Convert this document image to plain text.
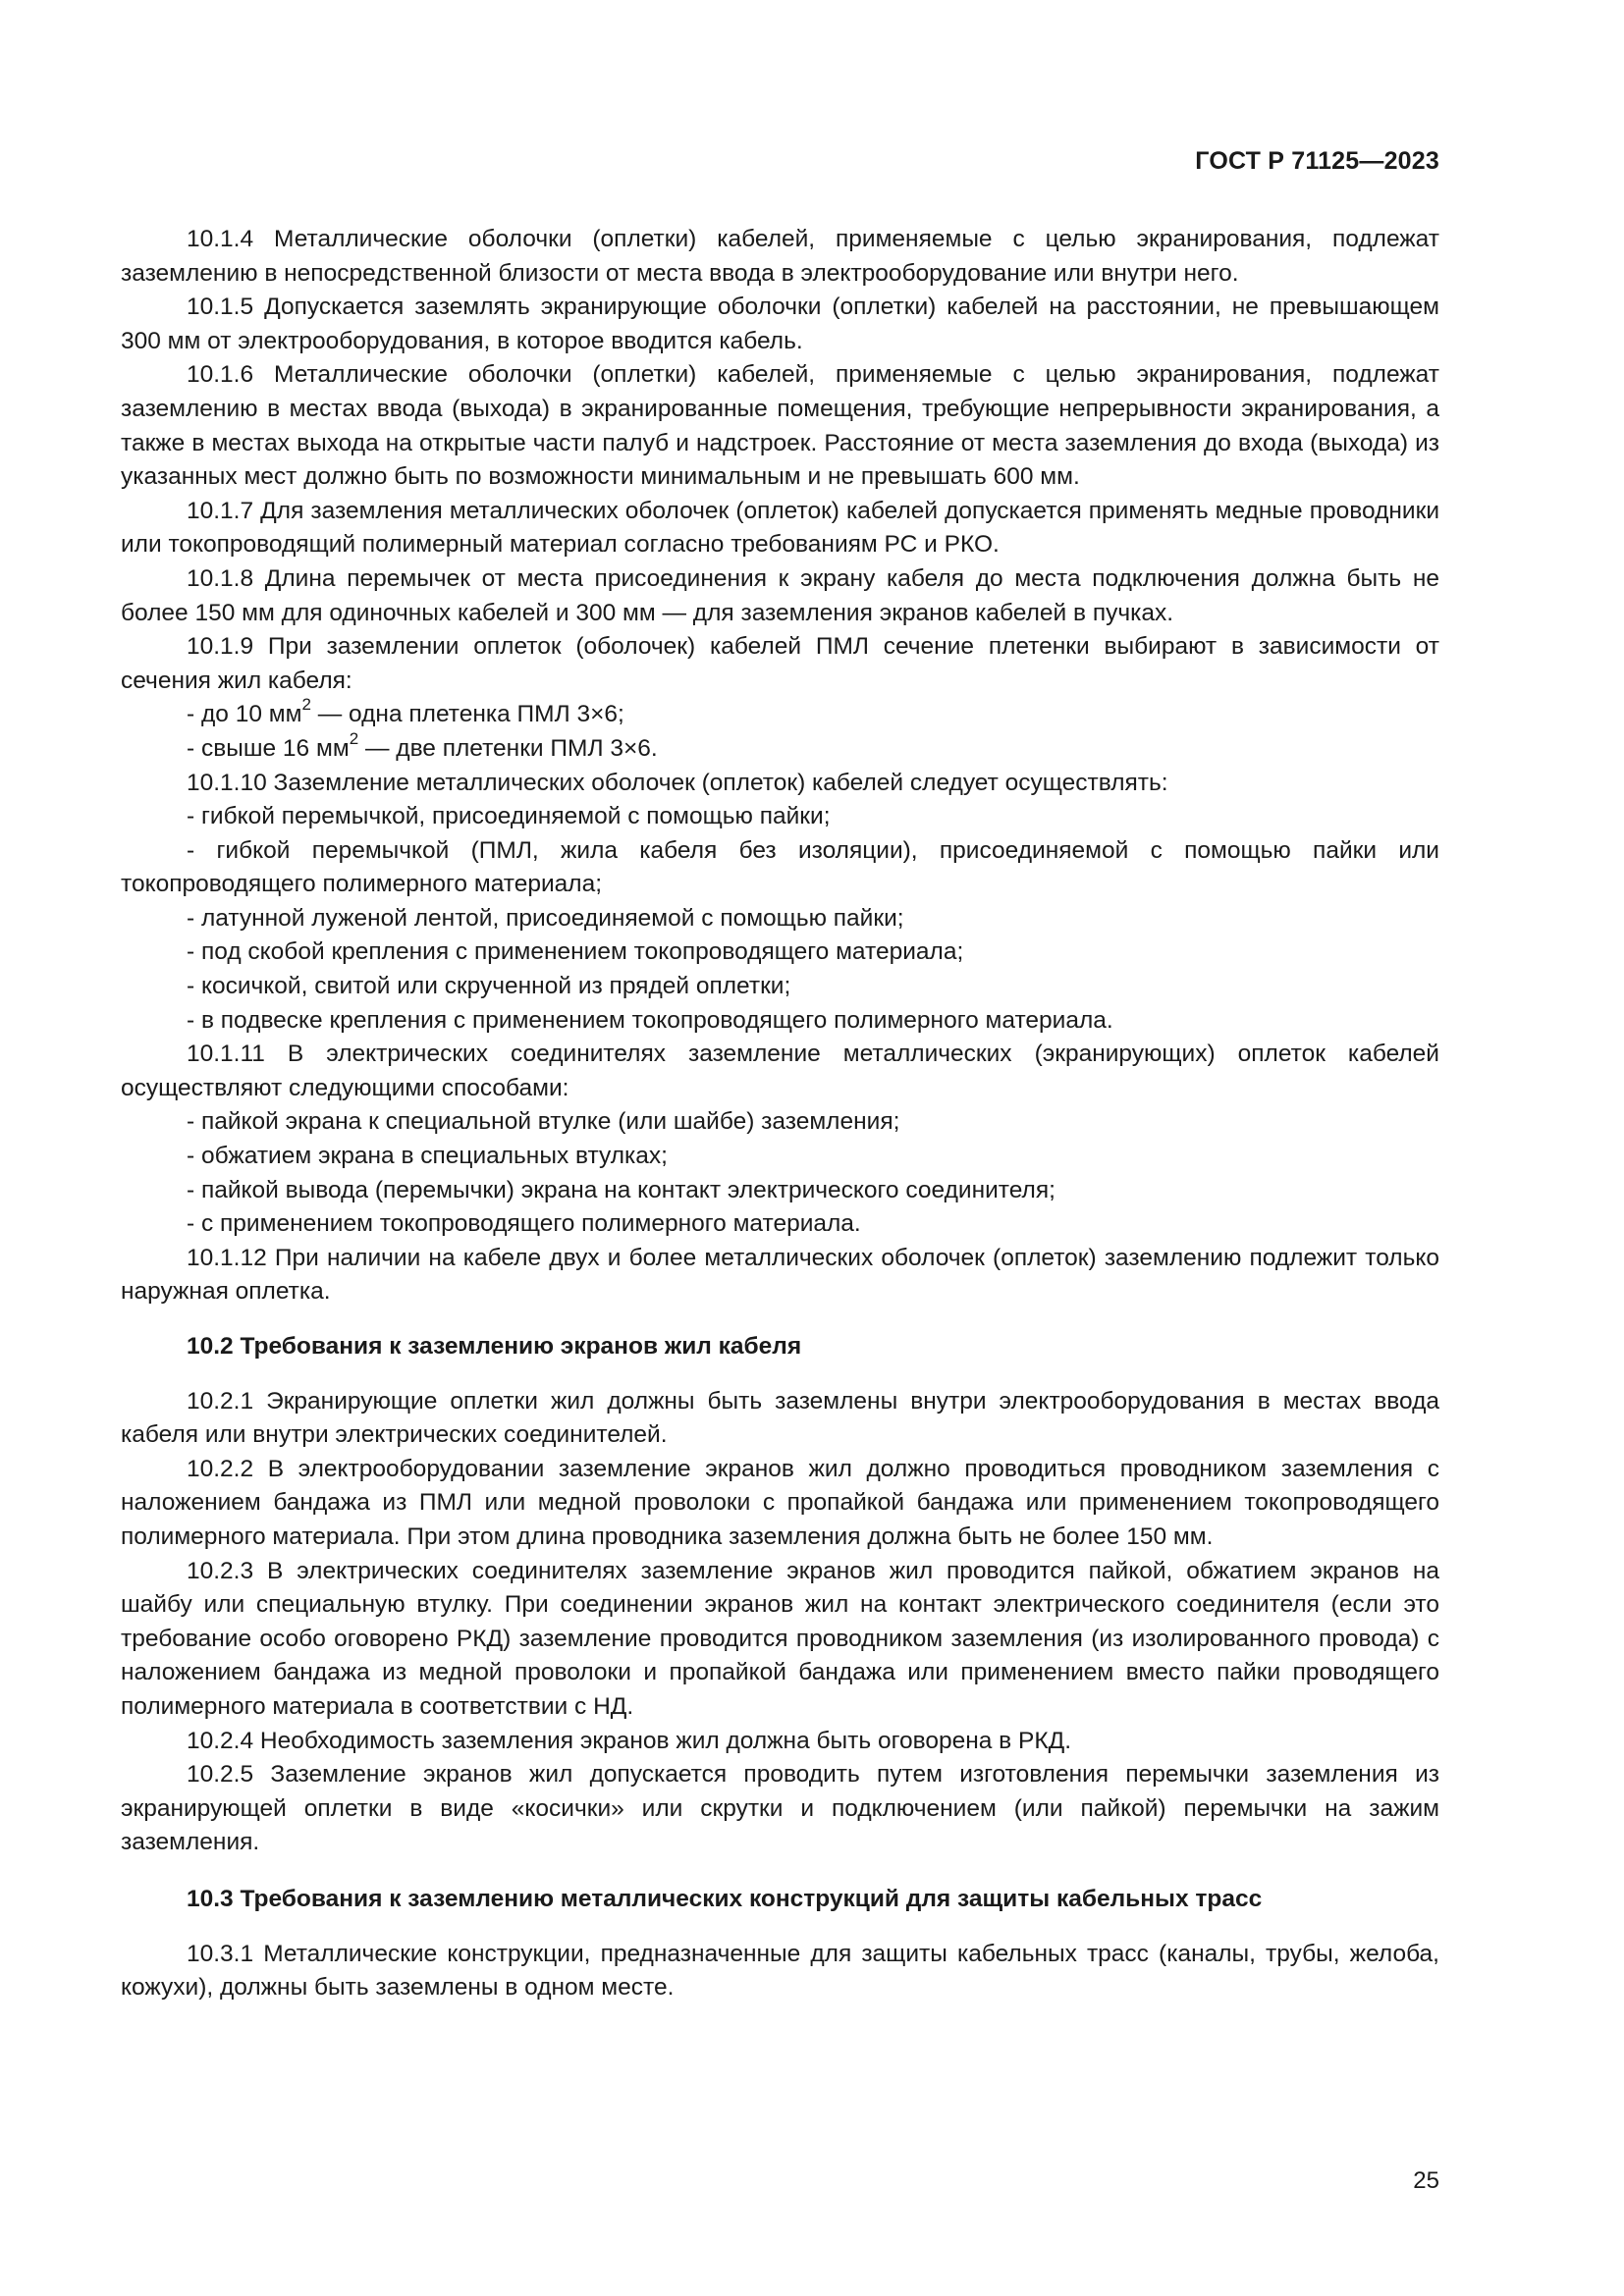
ГОСТ Р 71125—2023

10.1.4 Металлические оболочки (оплетки) кабелей, применяемые с целью экранирования, подлежат заземлению в непосредственной близости от места ввода в электрооборудование или внутри него.

10.1.5 Допускается заземлять экранирующие оболочки (оплетки) кабелей на расстоянии, не превышающем 300 мм от электрооборудования, в которое вводится кабель.

10.1.6 Металлические оболочки (оплетки) кабелей, применяемые с целью экранирования, подлежат заземлению в местах ввода (выхода) в экранированные помещения, требующие непрерывности экранирования, а также в местах выхода на открытые части палуб и надстроек. Расстояние от места заземления до входа (выхода) из указанных мест должно быть по возможности минимальным и не превышать 600 мм.

10.1.7 Для заземления металлических оболочек (оплеток) кабелей допускается применять медные проводники или токопроводящий полимерный материал согласно требованиям РС и РКО.

10.1.8 Длина перемычек от места присоединения к экрану кабеля до места подключения должна быть не более 150 мм для одиночных кабелей и 300 мм — для заземления экранов кабелей в пучках.

10.1.9 При заземлении оплеток (оболочек) кабелей ПМЛ сечение плетенки выбирают в зависимости от сечения жил кабеля:

- до 10 $мм^2$ — одна плетенка ПМЛ 3×6;

- свыше 16 $мм^2$ — две плетенки ПМЛ 3×6.

10.1.10 Заземление металлических оболочек (оплеток) кабелей следует осуществлять:

- гибкой перемычкой, присоединяемой с помощью пайки;

- гибкой перемычкой (ПМЛ, жила кабеля без изоляции), присоединяемой с помощью пайки или токопроводящего полимерного материала;

- латунной луженой лентой, присоединяемой с помощью пайки;

- под скобой крепления с применением токопроводящего материала;

- косичкой, свитой или скрученной из прядей оплетки;

- в подвеске крепления с применением токопроводящего полимерного материала.

10.1.11 В электрических соединителях заземление металлических (экранирующих) оплеток кабелей осуществляют следующими способами:

- пайкой экрана к специальной втулке (или шайбе) заземления;

- обжатием экрана в специальных втулках;

- пайкой вывода (перемычки) экрана на контакт электрического соединителя;

- с применением токопроводящего полимерного материала.

10.1.12 При наличии на кабеле двух и более металлических оболочек (оплеток) заземлению подлежит только наружная оплетка.

10.2 Требования к заземлению экранов жил кабеля

10.2.1 Экранирующие оплетки жил должны быть заземлены внутри электрооборудования в местах ввода кабеля или внутри электрических соединителей.

10.2.2 В электрооборудовании заземление экранов жил должно проводиться проводником заземления с наложением бандажа из ПМЛ или медной проволоки с пропайкой бандажа или применением токопроводящего полимерного материала. При этом длина проводника заземления должна быть не более 150 мм.

10.2.3 В электрических соединителях заземление экранов жил проводится пайкой, обжатием экранов на шайбу или специальную втулку. При соединении экранов жил на контакт электрического соединителя (если это требование особо оговорено РКД) заземление проводится проводником заземления (из изолированного провода) с наложением бандажа из медной проволоки и пропайкой бандажа или применением вместо пайки проводящего полимерного материала в соответствии с НД.

10.2.4 Необходимость заземления экранов жил должна быть оговорена в РКД.

10.2.5 Заземление экранов жил допускается проводить путем изготовления перемычки заземления из экранирующей оплетки в виде «косички» или скрутки и подключением (или пайкой) перемычки на зажим заземления.

10.3 Требования к заземлению металлических конструкций для защиты кабельных трасс

10.3.1 Металлические конструкции, предназначенные для защиты кабельных трасс (каналы, трубы, желоба, кожухи), должны быть заземлены в одном месте.

25
